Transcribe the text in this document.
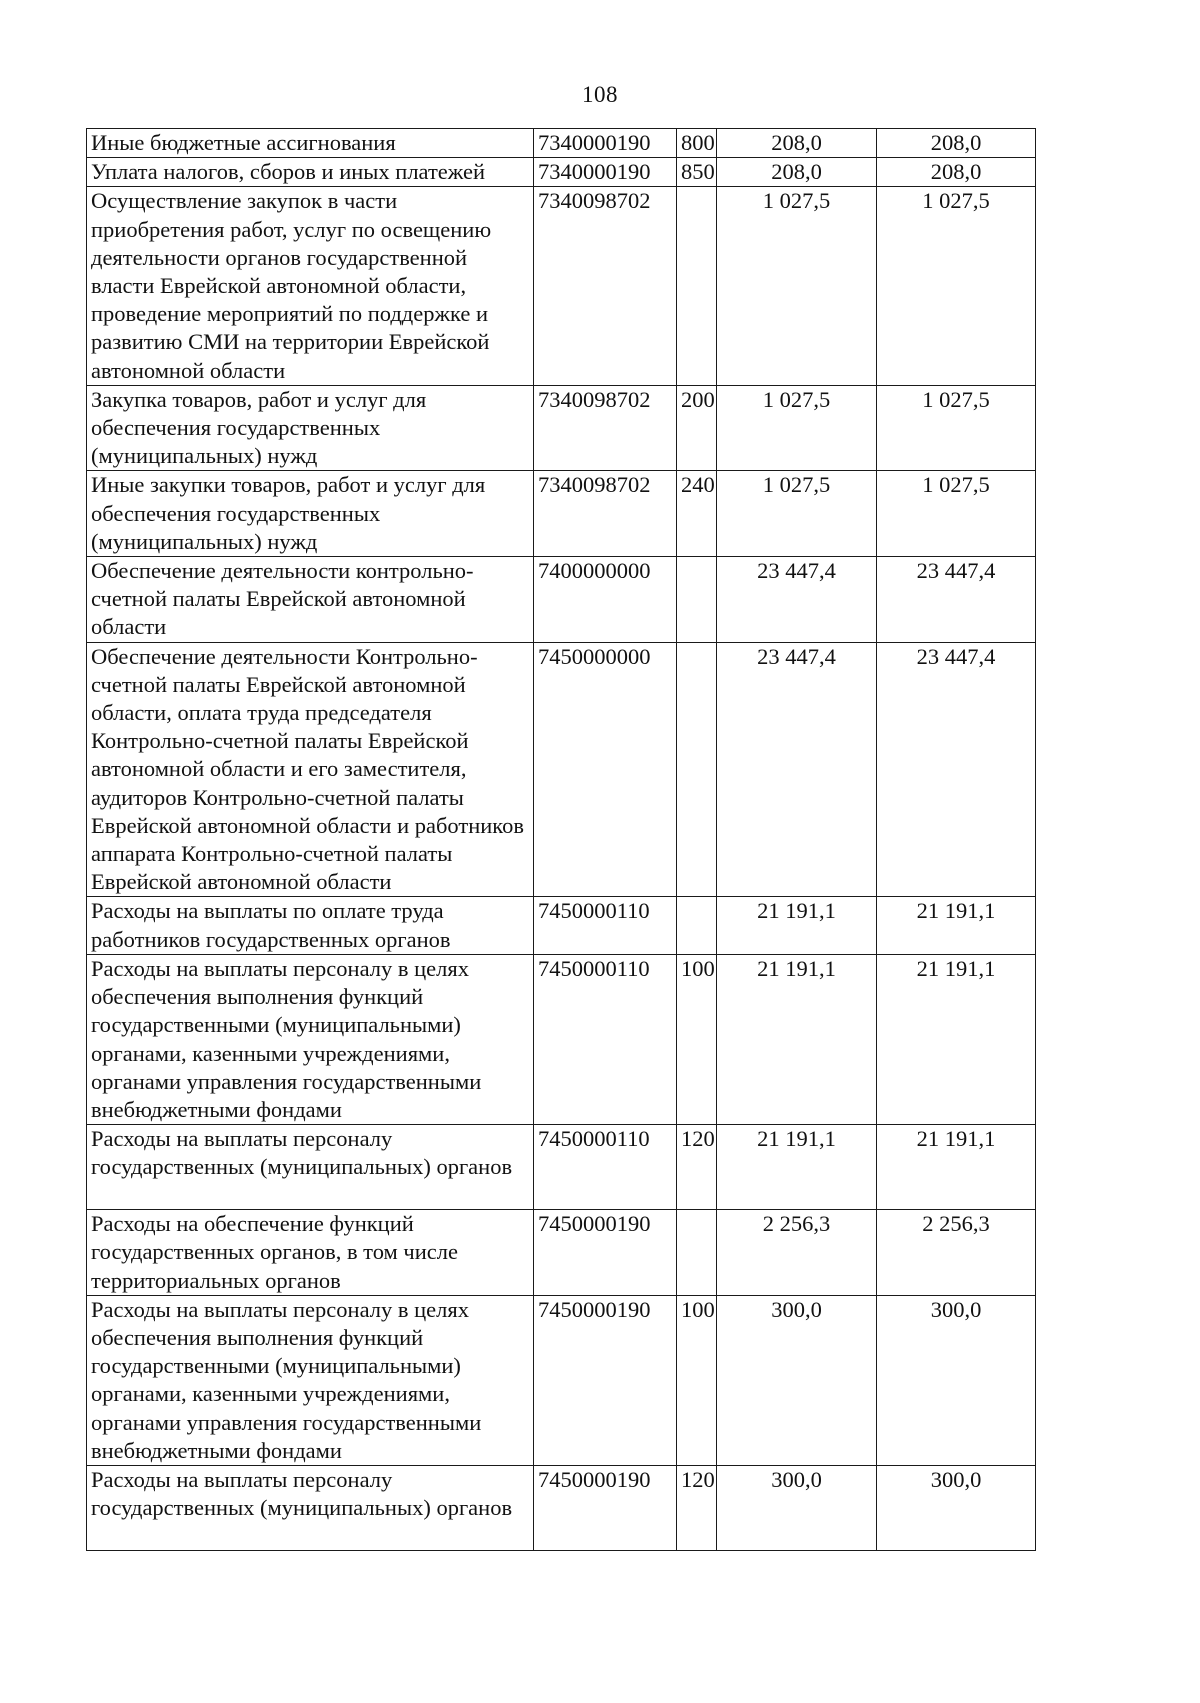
108
Иные бюджетные ассигнования	7340000190	800	208,0	208,0
Уплата налогов, сборов и иных платежей	7340000190	850	208,0	208,0
Осуществление закупок в части приобретения работ, услуг по освещению деятельности органов государственной власти Еврейской автономной области, проведение мероприятий по поддержке и развитию СМИ на территории Еврейской автономной области	7340098702		1 027,5	1 027,5
Закупка товаров, работ и услуг для обеспечения государственных (муниципальных) нужд	7340098702	200	1 027,5	1 027,5
Иные закупки товаров, работ и услуг для обеспечения государственных (муниципальных) нужд	7340098702	240	1 027,5	1 027,5
Обеспечение деятельности контрольно-счетной палаты Еврейской автономной области	7400000000		23 447,4	23 447,4
Обеспечение деятельности Контрольно-счетной палаты Еврейской автономной области, оплата труда председателя Контрольно-счетной палаты Еврейской автономной области и его заместителя, аудиторов Контрольно-счетной палаты Еврейской автономной области и работников аппарата Контрольно-счетной палаты Еврейской автономной области	7450000000		23 447,4	23 447,4
Расходы на выплаты по оплате труда работников государственных органов	7450000110		21 191,1	21 191,1
Расходы на выплаты персоналу в целях обеспечения выполнения функций государственными (муниципальными) органами, казенными учреждениями, органами управления государственными внебюджетными фондами	7450000110	100	21 191,1	21 191,1
Расходы на выплаты персоналу государственных (муниципальных) органов	7450000110	120	21 191,1	21 191,1
Расходы на обеспечение функций государственных органов, в том числе территориальных органов	7450000190		2 256,3	2 256,3
Расходы на выплаты персоналу в целях обеспечения выполнения функций государственными (муниципальными) органами, казенными учреждениями, органами управления государственными внебюджетными фондами	7450000190	100	300,0	300,0
Расходы на выплаты персоналу государственных (муниципальных) органов	7450000190	120	300,0	300,0
